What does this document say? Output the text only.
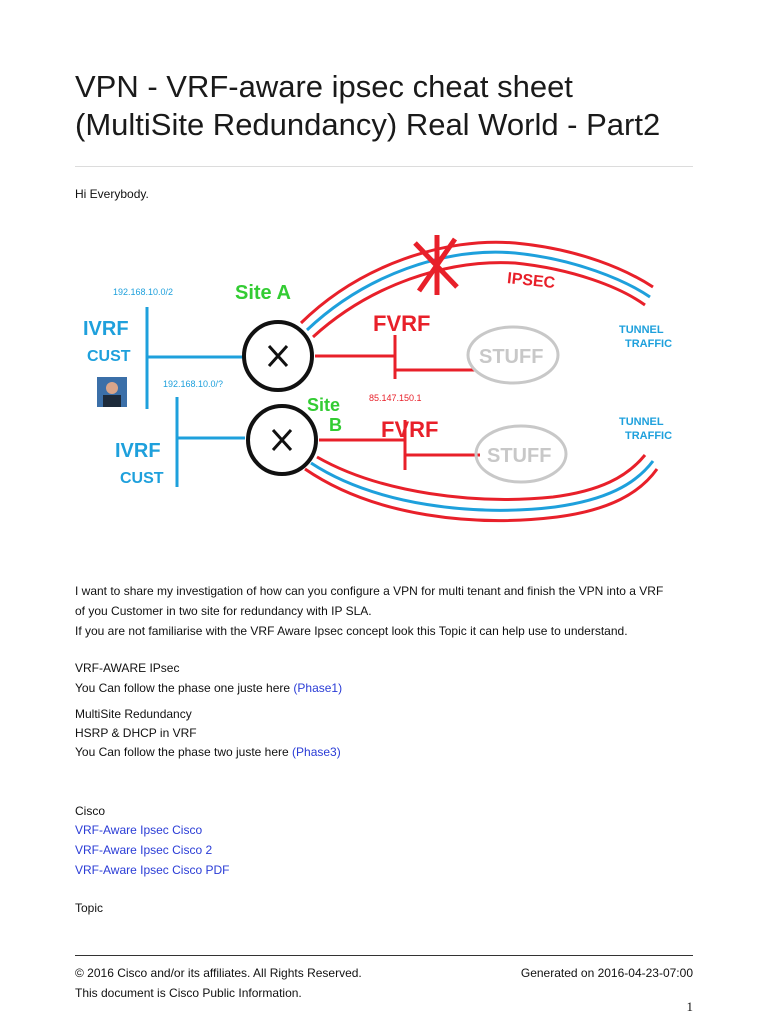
VPN - VRF-aware ipsec cheat sheet
(MultiSite Redundancy) Real World - Part2
Hi Everybody.
192.168.10.0/2
192.168.10.0/?
85.147.150.1
Site A
Site
B
IVRF
CUST
IVRF
CUST
FVRF
FVRF
STUFF
STUFF
IPSEC
TUNNEL
TRAFFIC
TUNNEL
TRAFFIC
I want to share my investigation of how can you configure a VPN for multi tenant and finish the VPN into a VRF
of you Customer in two site for redundancy with IP SLA.
If you are not familiarise with the VRF Aware Ipsec concept look this Topic it can help use to understand.
VRF-AWARE IPsec
You Can follow the phase one juste here (Phase1)
MultiSite Redundancy
HSRP & DHCP in VRF
You Can follow the phase two juste here (Phase3)
Cisco
VRF-Aware Ipsec Cisco
VRF-Aware Ipsec Cisco 2
VRF-Aware Ipsec Cisco PDF
Topic
© 2016 Cisco and/or its affiliates. All Rights Reserved.
This document is Cisco Public Information.
Generated on 2016-04-23-07:00
1
